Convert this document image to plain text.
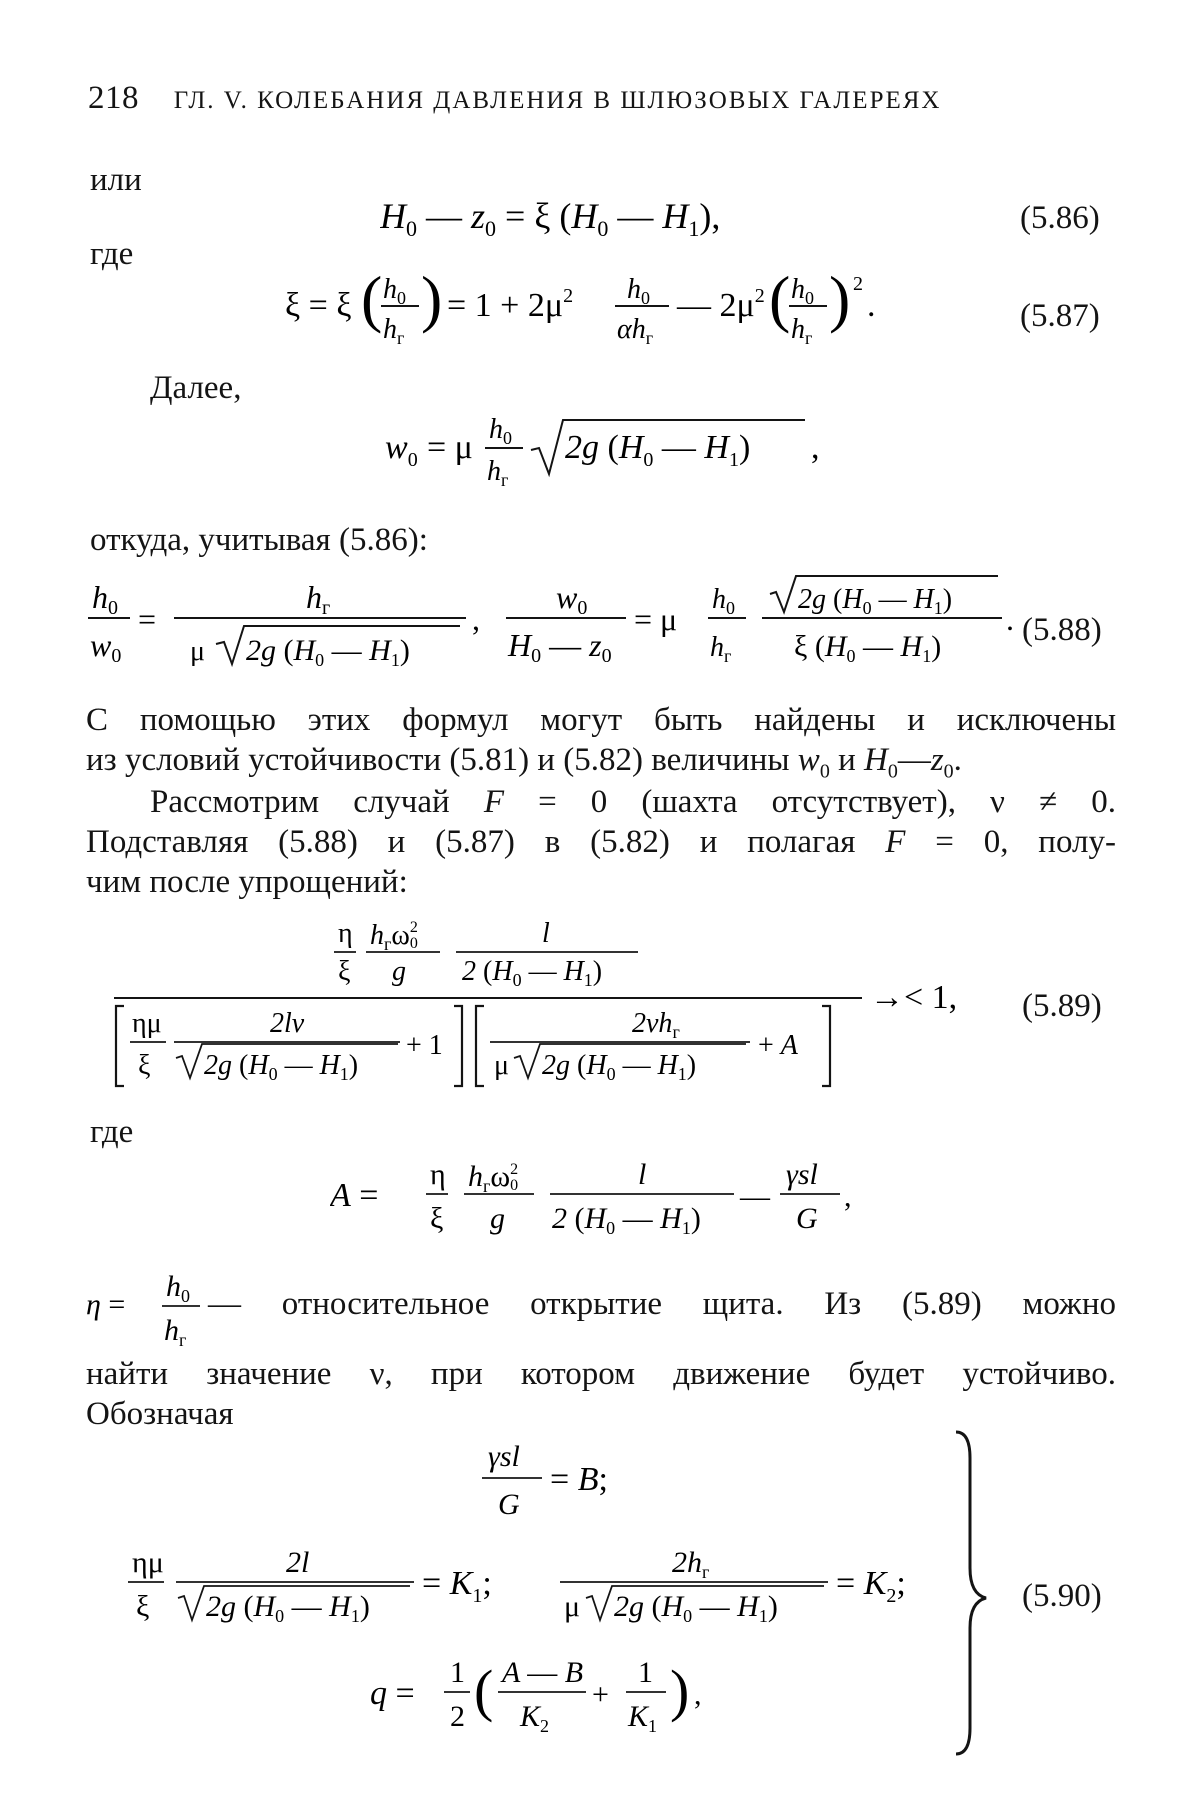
218 ГЛ. V. КОЛЕБАНИЯ ДАВЛЕНИЯ В ШЛЮЗОВЫХ ГАЛЕРЕЯХ
или
$H_0$ — $z_0 = \xi$ ($H_0$ — $H_1$),	(5.86)
где
ξ = ξ ( $h_0$
$h_г$
) = $1 + 2\mu^2$ $h_0$
$\alpha h_г$
— $2\mu^2$ ( $h_0$
$h_г$
) 2
.	(5.87)
Далее,
$w_0 = \mu$ $h_0$
$h_г$
2g ($H_0$ — $H_1$) ,
откуда, учитывая (5.86):
h0
w0
=
hг
μ 2g ($H_0$ — $H_1$)
,
w0
H0 — z0
= μ
$h_0$
$h_г$
2g ($H_0$ — $H_1$)
ξ ($H_0$ — $H_1$)
. (5.88)
С помощью этих формул могут быть найдены и исключены
из условий устойчивости (5.81) и (5.82) величины $w_0$ и $H_0—z_0$.
Рассмотрим случай F = 0 (шахта отсутствует), ν ≠ 0.
Подставляя (5.88) и (5.87) в (5.82) и полагая F = 0, полу-
чим после упрощений:
η
ξ
$h_г\omega^2$ 0
g
l
2 ($H_0$ — $H_1$)
ημ
ξ
2lν
2g ($H_0$ — $H_1$)
+ 1
$2\nu h_г$
μ 2g ($H_0$ — $H_1$)
+ A
→< 1, (5.89)
где
A =
η
ξ
$h_г\omega^2$ 0
g
l
2 ($H_0$ — $H_1$)
—
γsl
G
,
η =
$h_0$
$h_г$
— относительное открытие щита. Из (5.89) можно
найти значение ν, при котором движение будет устойчиво.
Обозначая
γsl
G
= B;
ημ
ξ
2l
2g ($H_0$ — $H_1$)
= $K_1$;
$2h_г$
μ 2g ($H_0$ — $H_1$)
= $K_2$;
q =
1
2 ( A — B
$K_2$
+
1
$K_1$
) ,
(5.90)
